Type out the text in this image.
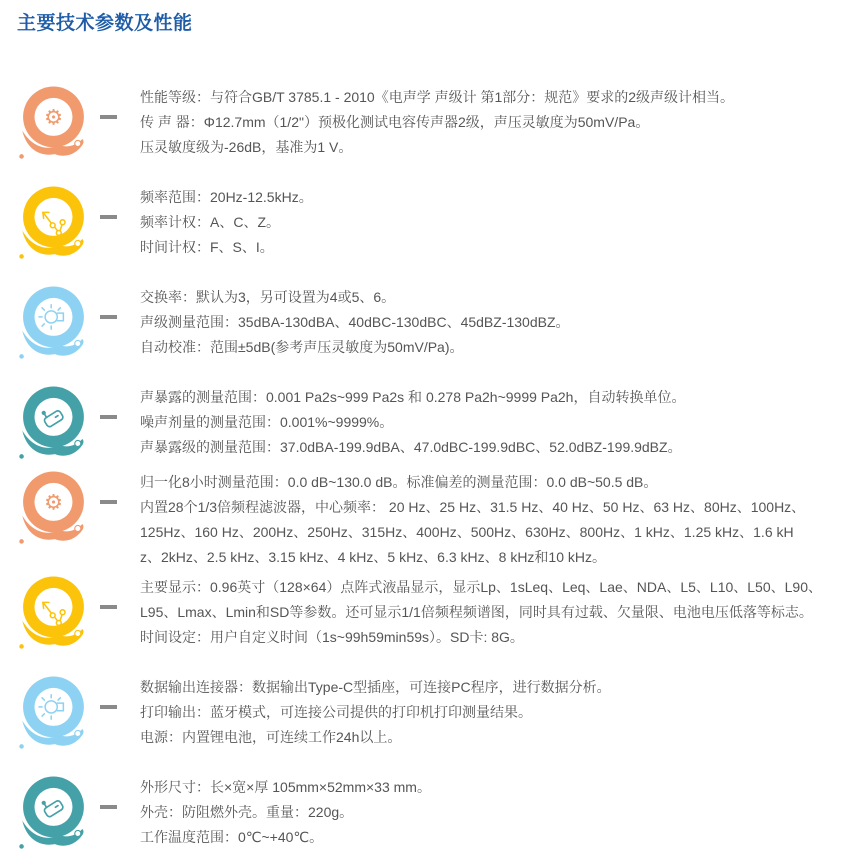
主要技术参数及性能
⚙

性能等级：与符合GB/T 3785.1 - 2010《电声学 声级计 第1部分：规范》要求的2级声级计相当。

传 声 器：Φ12.7mm（1/2"）预极化测试电容传声器2级，声压灵敏度为50mV/Pa。

压灵敏度级为-26dB，基准为1 V。

频率范围：20Hz-12.5kHz。

频率计权：A、C、Z。

时间计权：F、S、I。

交换率：默认为3，另可设置为4或5、6。

声级测量范围：35dBA-130dBA、40dBC-130dBC、45dBZ-130dBZ。

自动校准：范围±5dB(参考声压灵敏度为50mV/Pa)。

声暴露的测量范围：0.001 Pa2s~999 Pa2s 和 0.278 Pa2h~9999 Pa2h，自动转换单位。

噪声剂量的测量范围：0.001%~9999%。

声暴露级的测量范围：37.0dBA-199.9dBA、47.0dBC-199.9dBC、52.0dBZ-199.9dBZ。

⚙

归一化8小时测量范围：0.0 dB~130.0 dB。标准偏差的测量范围：0.0 dB~50.5 dB。

内置28个1/3倍频程滤波器，中心频率： 20 Hz、25 Hz、31.5 Hz、40 Hz、50 Hz、63 Hz、80Hz、100Hz、

125Hz、160 Hz、200Hz、250Hz、315Hz、400Hz、500Hz、630Hz、800Hz、1 kHz、1.25 kHz、1.6 kH

z、2kHz、2.5 kHz、3.15 kHz、4 kHz、5 kHz、6.3 kHz、8 kHz和10 kHz。

主要显示：0.96英寸（128×64）点阵式液晶显示，显示Lp、1sLeq、Leq、Lae、NDA、L5、L10、L50、L90、

L95、Lmax、Lmin和SD等参数。还可显示1/1倍频程频谱图，同时具有过载、欠量限、电池电压低落等标志。

时间设定：用户自定义时间（1s~99h59min59s）。SD卡: 8G。

数据输出连接器：数据输出Type-C型插座，可连接PC程序，进行数据分析。

打印输出：蓝牙模式，可连接公司提供的打印机打印测量结果。

电源：内置锂电池，可连续工作24h以上。

外形尺寸：长×宽×厚 105mm×52mm×33 mm。

外壳：防阻燃外壳。重量：220g。

工作温度范围：0℃~+40℃。
